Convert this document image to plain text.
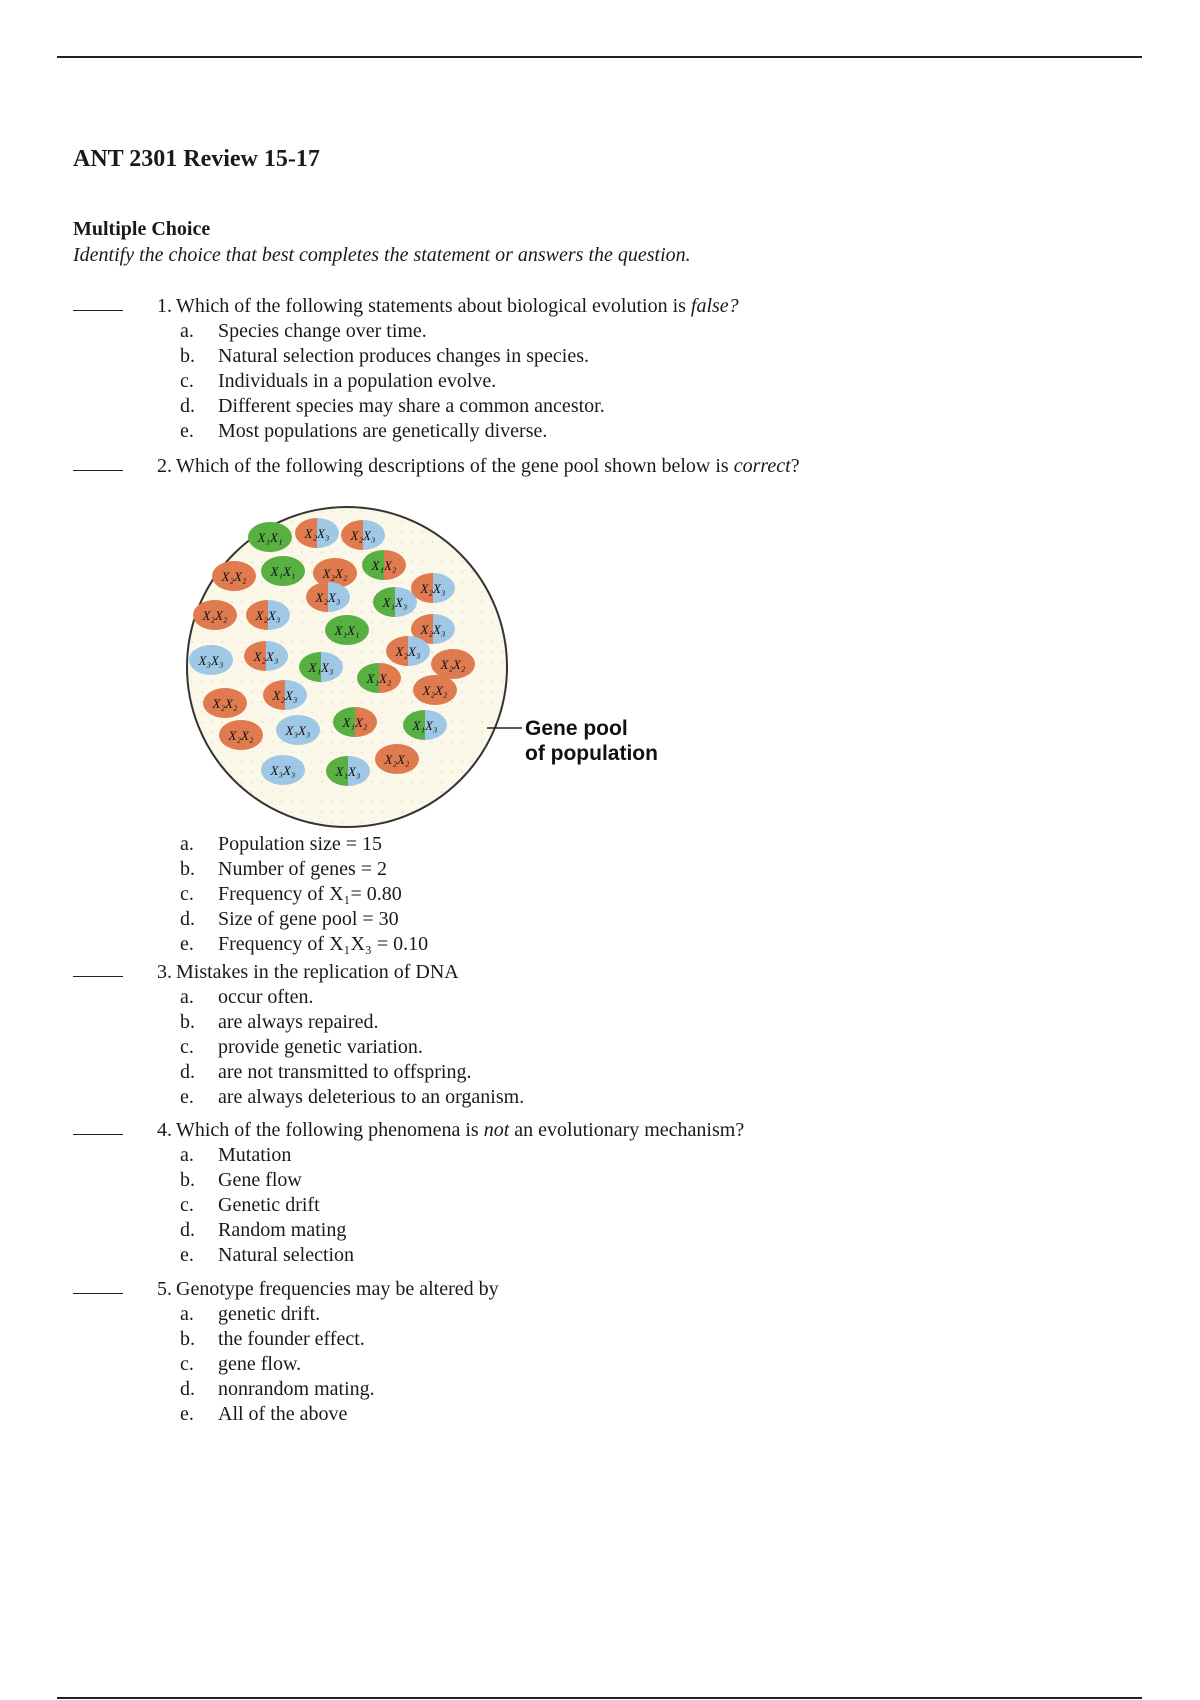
ANT 2301 Review 15-17
Multiple Choice
Identify the choice that best completes the statement or answers the question.
1. Which of the following statements about biological evolution is false?
a. Species change over time.
b. Natural selection produces changes in species.
c. Individuals in a population evolve.
d. Different species may share a common ancestor.
e. Most populations are genetically diverse.
2. Which of the following descriptions of the gene pool shown below is correct?
X₁X₁ X₂X₃ X₂X₃
X₂X₂ X₁X₁ X₂X₂
X₁X₂
X₂X₃	X₁X₃
X₂X₃
X₂X₂ X₂X₃
X₁X₁	X₂X₃
X₃X₃ X₂X₃
X₁X₃
X₂X₃
X₂X₂
X₂X₂
X₂X₃
X₁X₂
X₂X₂
X₂X₂ X₃X₃
X₁X₂	X₁X₃
X₂X₂
X₃X₃	X₁X₃
Gene pool
of population
a. Population size = 15
b. Number of genes = 2
c. Frequency of X₁= 0.80
d. Size of gene pool = 30
e. Frequency of X₁X₃ = 0.10
3. Mistakes in the replication of DNA
a. occur often.
b. are always repaired.
c. provide genetic variation.
d. are not transmitted to offspring.
e. are always deleterious to an organism.
4. Which of the following phenomena is not an evolutionary mechanism?
a. Mutation
b. Gene flow
c. Genetic drift
d. Random mating
e. Natural selection
5. Genotype frequencies may be altered by
a. genetic drift.
b. the founder effect.
c. gene flow.
d. nonrandom mating.
e. All of the above
